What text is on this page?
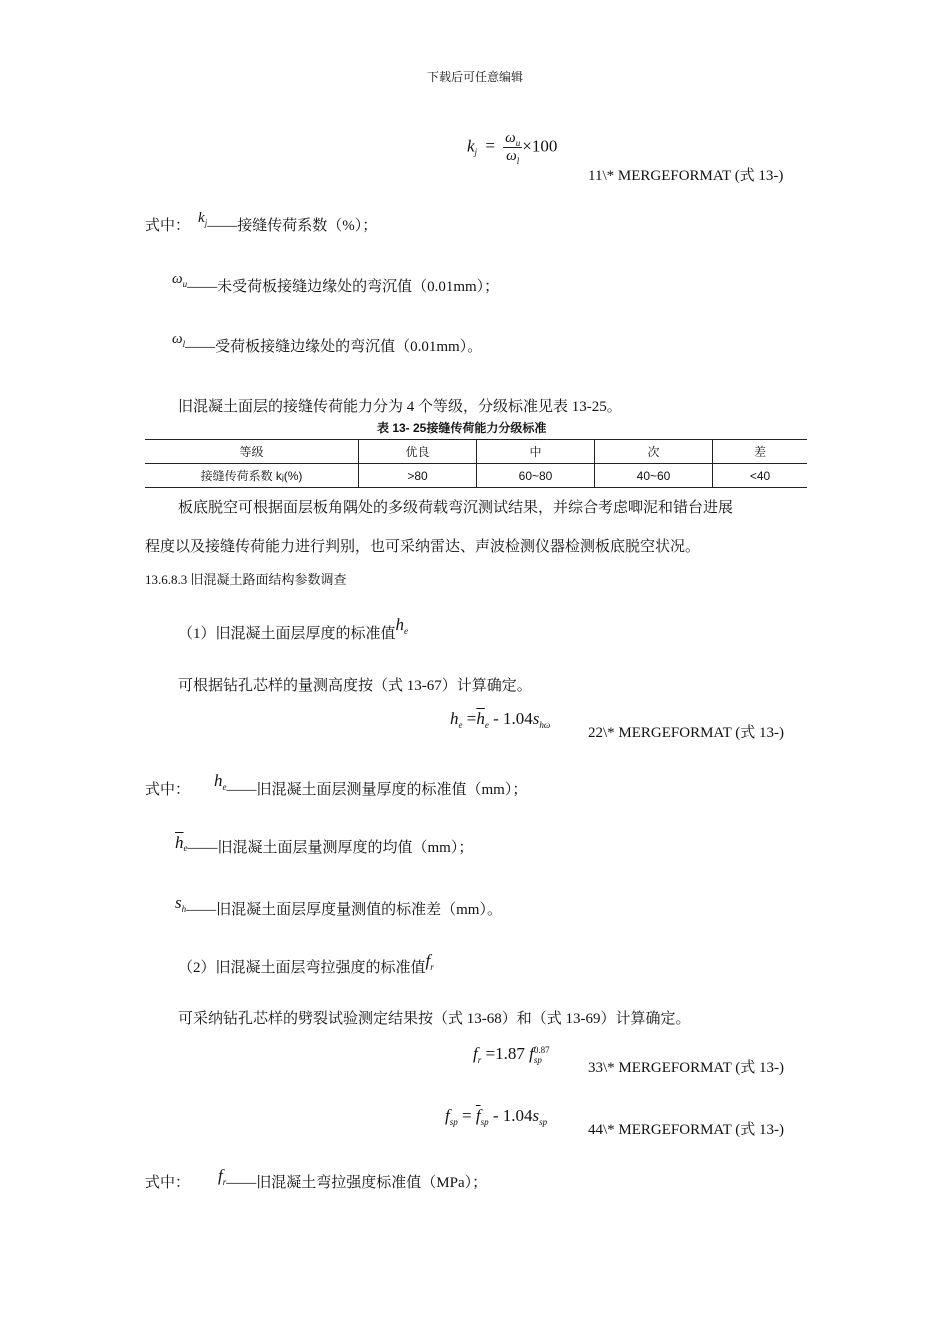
下载后可任意编辑
$k_j = \frac{\omega_u}{\omega_l} \times 100$
11\* MERGEFORMAT (式 13-)
式中： $k^j——$接缝传荷系数（%）；
$\omega^u——$未受荷板接缝边缘处的弯沉值（0.01mm）；
$\omega^l——$受荷板接缝边缘处的弯沉值（0.01mm）。
旧混凝土面层的接缝传荷能力分为 4 个等级，分级标准见表 13-25。
表 13- 25接缝传荷能力分级标准
等级	优良	中	次	差
接缝传荷系数 kj(%)	>80	60~80	40~60	<40
板底脱空可根据面层板角隅处的多级荷载弯沉测试结果，并综合考虑唧泥和错台进展
程度以及接缝传荷能力进行判别，也可采纳雷达、声波检测仪器检测板底脱空状况。
13.6.8.3 旧混凝土路面结构参数调查
（1）旧混凝土面层厚度的标准值$h^e$
可根据钻孔芯样的量测高度按（式 13-67）计算确定。
$h_e =\overline{h}_e - 1.04s_{h\omega}$	22\* MERGEFORMAT (式 13-)
式中： $h^e——$旧混凝土面层测量厚度的标准值（mm）；
$\overline{h}e——$旧混凝土面层量测厚度的均值（mm）；
sh——旧混凝土面层厚度量测值的标准差（mm）。
（2）旧混凝土面层弯拉强度的标准值fr
可采纳钻孔芯样的劈裂试验测定结果按（式 13-68）和（式 13-69）计算确定。
$f_r =1.87$ f 0.87
sp	33\* MERGEFORMAT (式 13-)
$f_{sp} = \overline{f}_{sp} - 1.04s_{sp}$	44\* MERGEFORMAT (式 13-)
式中： fr——旧混凝土弯拉强度标准值（MPa）；
